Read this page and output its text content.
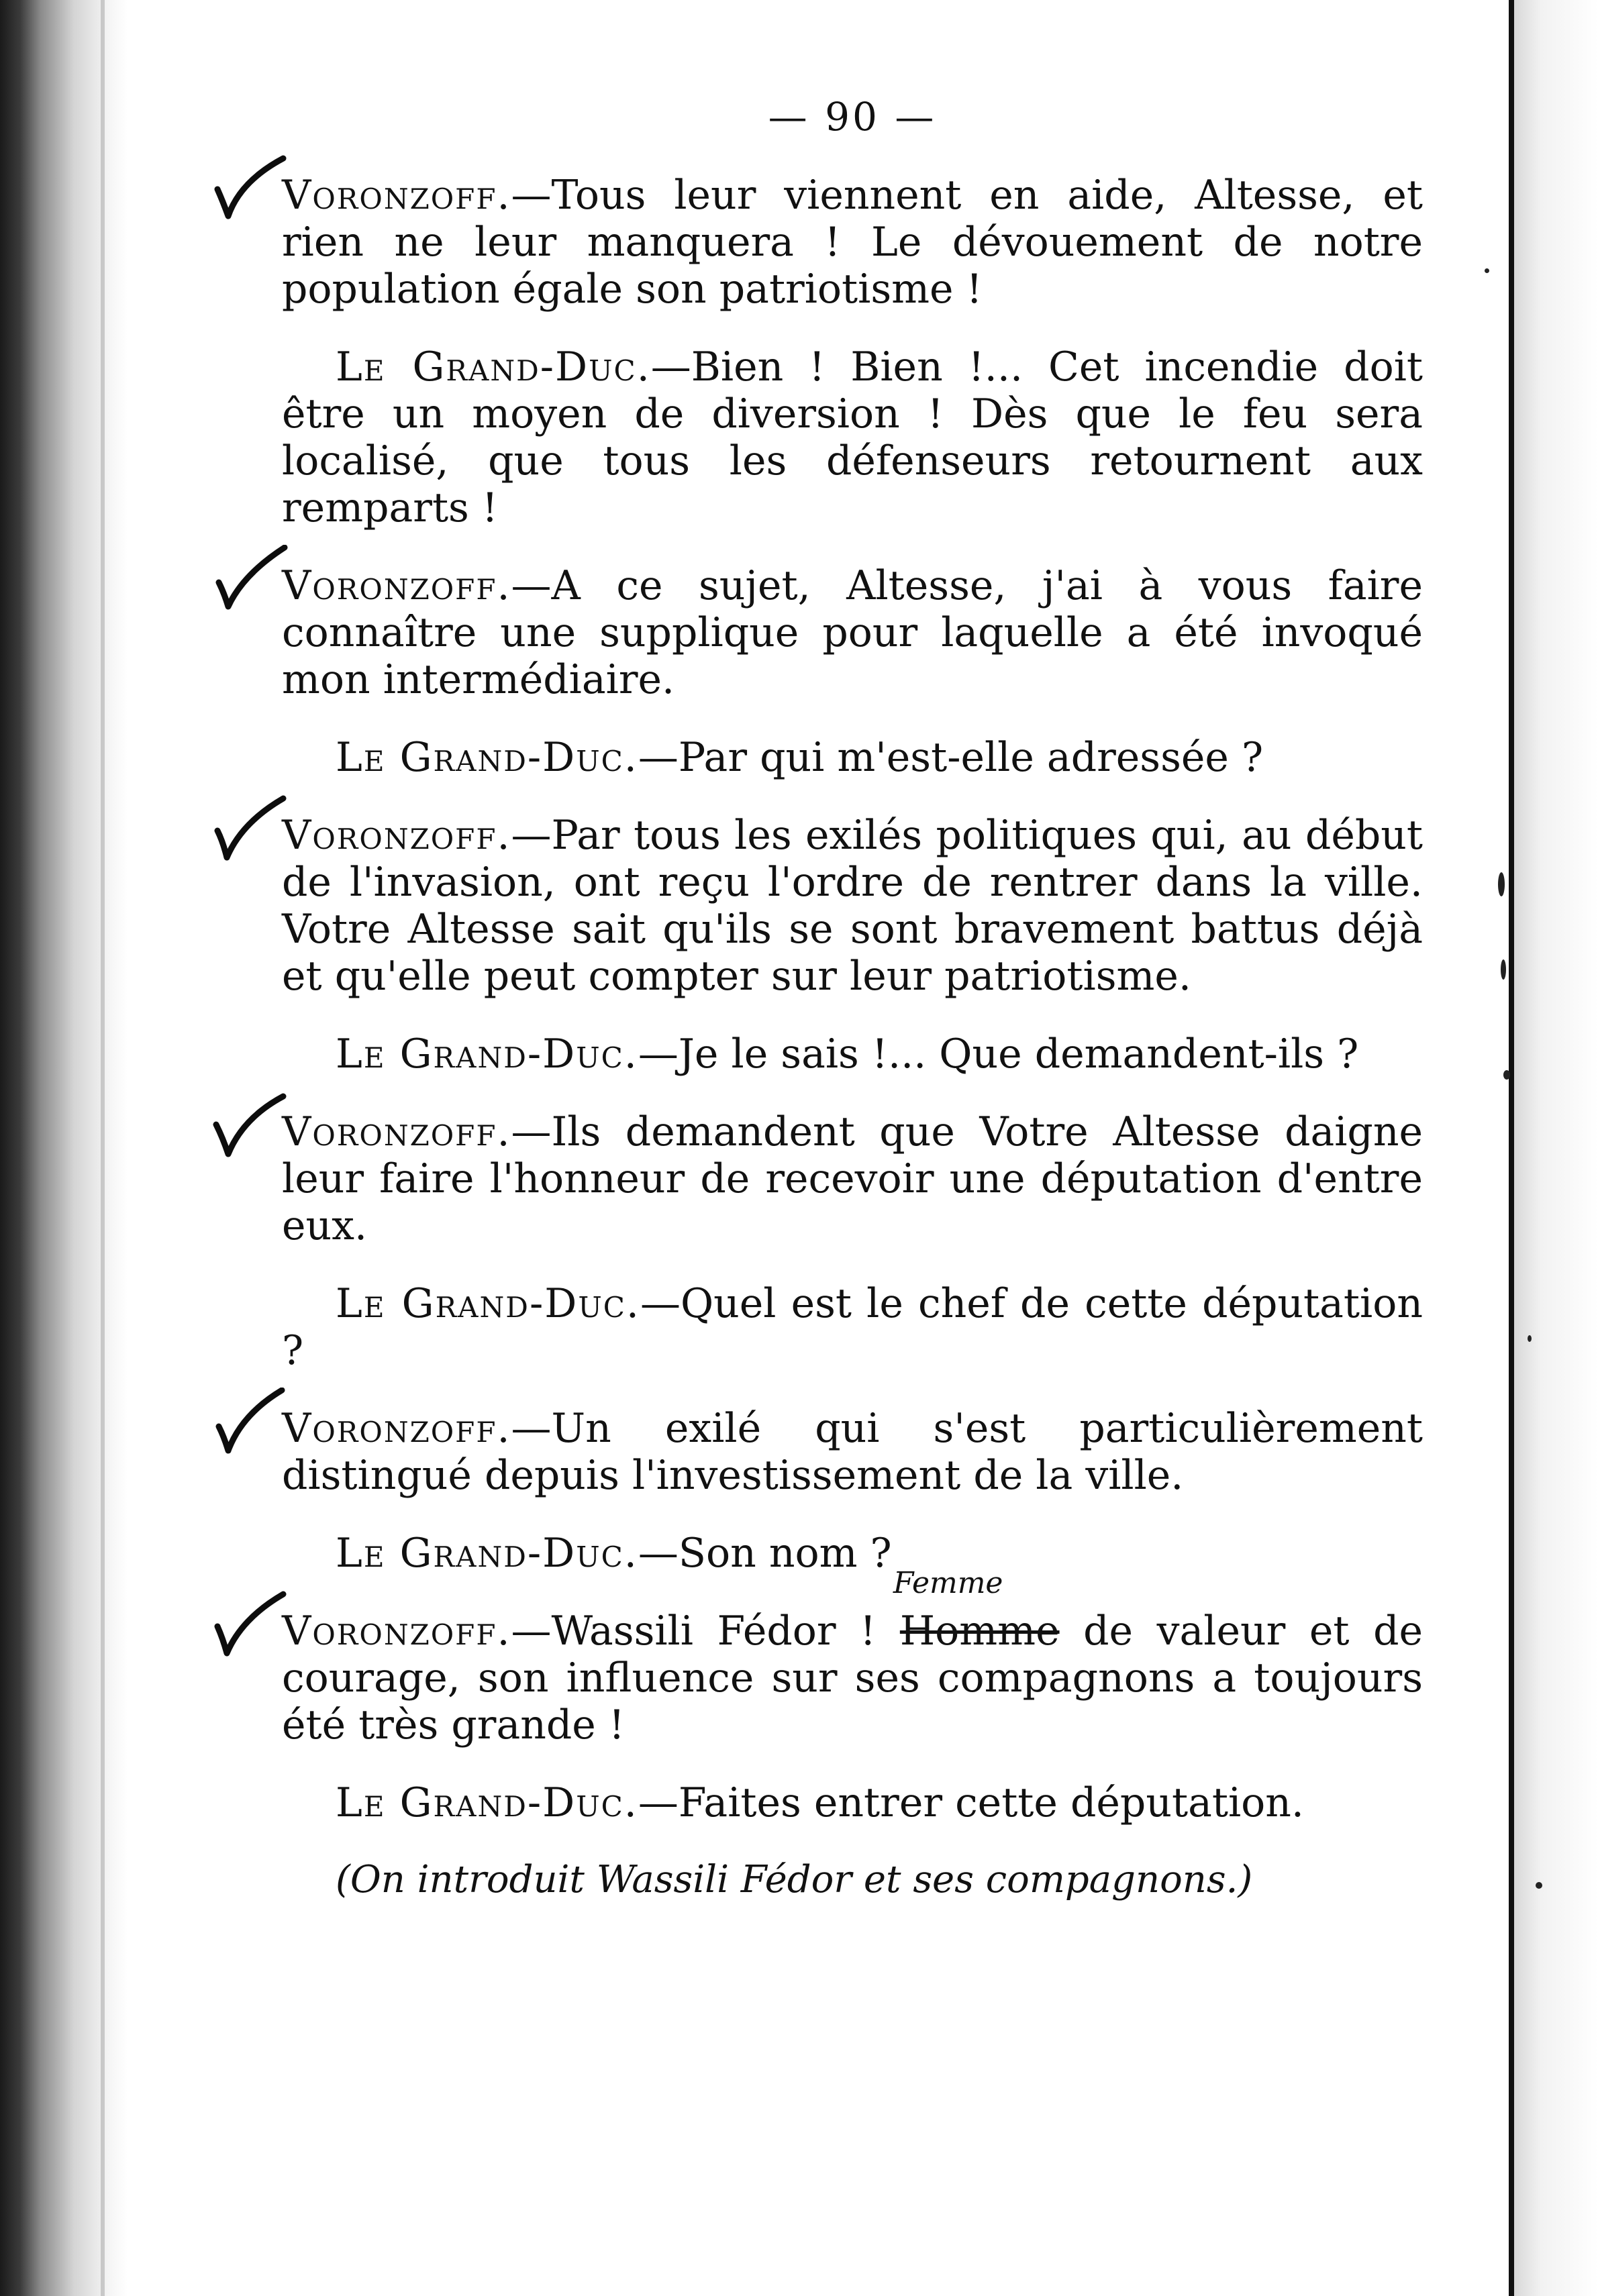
— 90 —

Voronzoff.—Tous leur viennent en aide, Altesse, et rien ne leur manquera ! Le dévouement de notre population égale son patriotisme !

Le Grand-Duc.—Bien ! Bien !... Cet incendie doit être un moyen de diversion ! Dès que le feu sera localisé, que tous les défenseurs retournent aux remparts !

Voronzoff.—A ce sujet, Altesse, j'ai à vous faire connaître une supplique pour laquelle a été invoqué mon intermédiaire.

Le Grand-Duc.—Par qui m'est-elle adressée ?

Voronzoff.—Par tous les exilés politiques qui, au début de l'invasion, ont reçu l'ordre de rentrer dans la ville. Votre Altesse sait qu'ils se sont bravement battus déjà et qu'elle peut compter sur leur patriotisme.

Le Grand-Duc.—Je le sais !... Que demandent-ils ?

Voronzoff.—Ils demandent que Votre Altesse daigne leur faire l'honneur de recevoir une députation d'entre eux.

Le Grand-Duc.—Quel est le chef de cette députation ?

Voronzoff.—Un exilé qui s'est particulièrement distingué depuis l'investissement de la ville.

Le Grand-Duc.—Son nom ?

Voronzoff.—Wassili Fédor !
Femme
Homme de valeur et de courage, son influence sur ses compagnons a toujours été très grande !

Le Grand-Duc.—Faites entrer cette députation.

(On introduit Wassili Fédor et ses compagnons.)
